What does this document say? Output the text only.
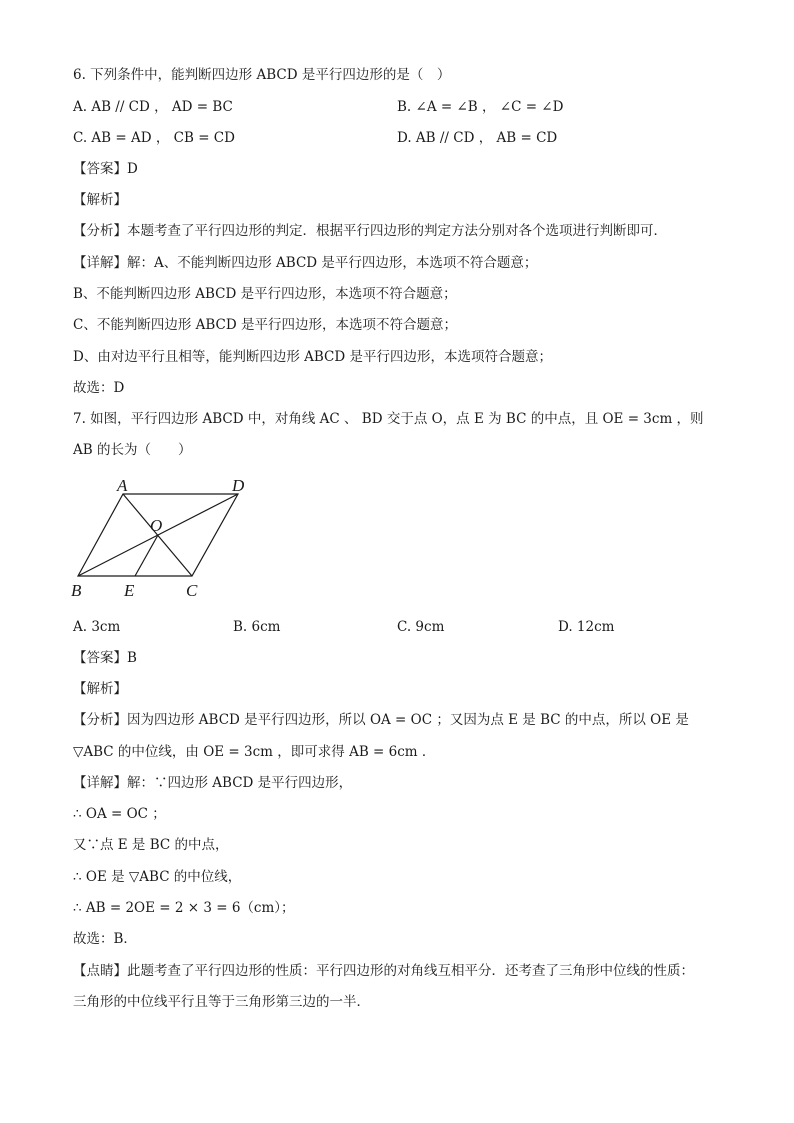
6. 下列条件中，能判断四边形 ABCD 是平行四边形的是（　）
A. AB // CD ， AD = BC	B. ∠A = ∠B ， ∠C = ∠D
C. AB = AD ， CB = CD	D. AB // CD ， AB = CD
【答案】D
【解析】
【分析】本题考查了平行四边形的判定．根据平行四边形的判定方法分别对各个选项进行判断即可．
【详解】解：A、不能判断四边形 ABCD 是平行四边形，本选项不符合题意；
B、不能判断四边形 ABCD 是平行四边形，本选项不符合题意；
C、不能判断四边形 ABCD 是平行四边形，本选项不符合题意；
D、由对边平行且相等，能判断四边形 ABCD 是平行四边形，本选项符合题意；
故选：D
7. 如图，平行四边形 ABCD 中，对角线 AC 、 BD 交于点 O，点 E 为 BC 的中点，且 OE = 3cm ，则
AB 的长为（　　）
A	D
O
B	E	C
A. 3cm	B. 6cm	C. 9cm	D. 12cm
【答案】B
【解析】
【分析】因为四边形 ABCD 是平行四边形，所以 OA = OC ；又因为点 E 是 BC 的中点，所以 OE 是
▽ABC 的中位线，由 OE = 3cm ，即可求得 AB = 6cm ．
【详解】解：∵四边形 ABCD 是平行四边形，
∴ OA = OC ；
又∵点 E 是 BC 的中点，
∴ OE 是 ▽ABC 的中位线，
∴ AB = 2OE = 2 × 3 = 6（cm）；
故选：B．
【点睛】此题考查了平行四边形的性质：平行四边形的对角线互相平分．还考查了三角形中位线的性质：
三角形的中位线平行且等于三角形第三边的一半．
